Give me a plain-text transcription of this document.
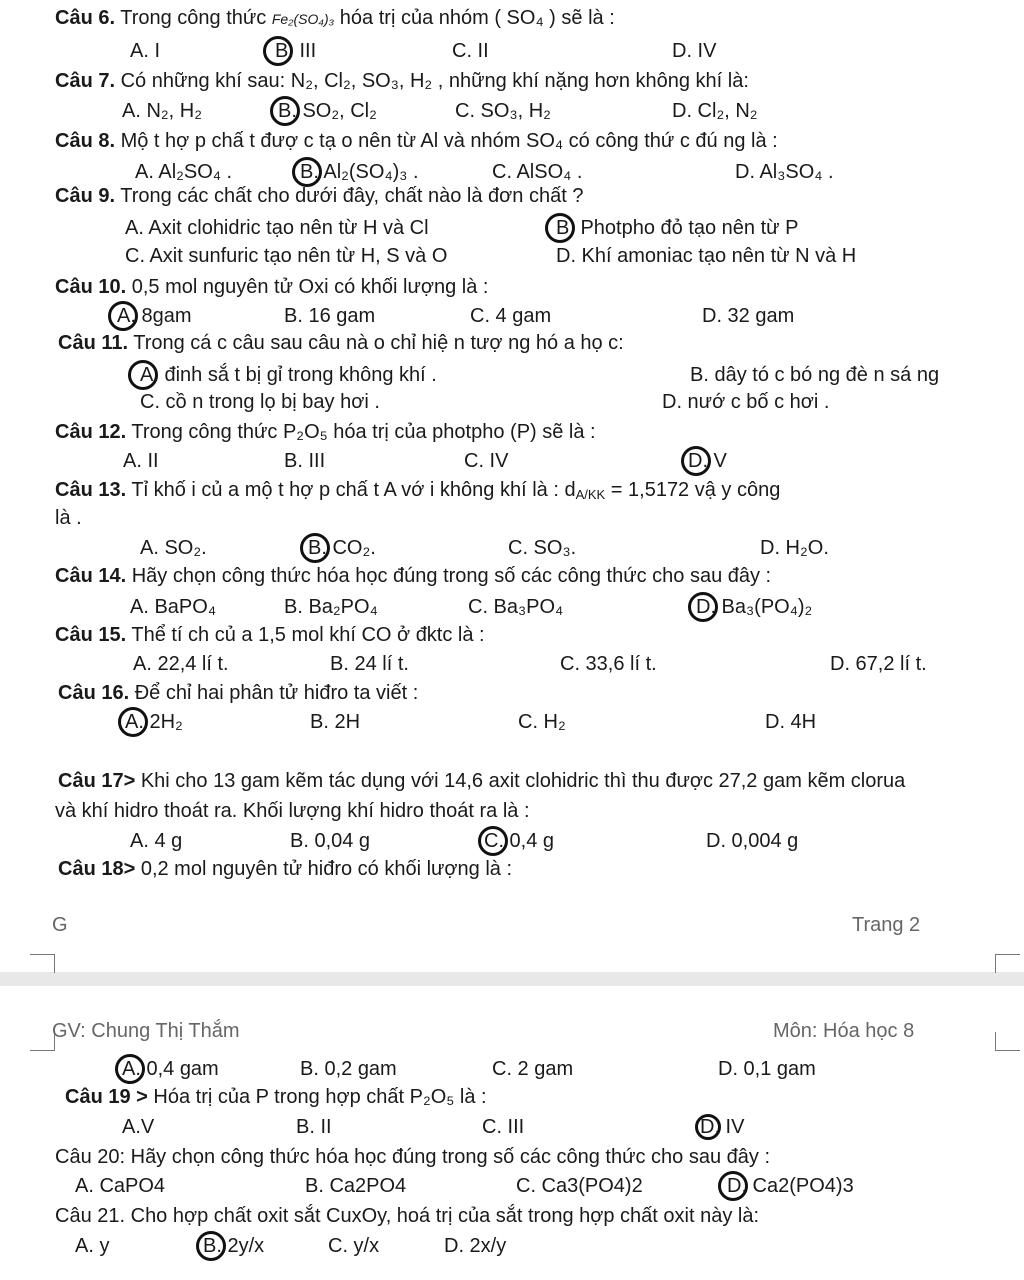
Câu 6. Trong công thức Fe₂(SO₄)₃ hóa trị của nhóm ( SO₄ ) sẽ là :
A. I	B. III	C. II	D. IV
Câu 7. Có những khí sau: N₂, Cl₂, SO₃, H₂ , những khí nặng hơn không khí là:
A. N₂, H₂	B. SO₂, Cl₂	C. SO₃, H₂	D. Cl₂, N₂
Câu 8. Mộ t hợ p chấ t đượ c tạ o nên từ Al và nhóm SO₄ có công thứ c đú ng là :
A. Al₂SO₄ .	B. Al₂(SO₄)₃ .	C. AlSO₄ .	D. Al₃SO₄ .
Câu 9. Trong các chất cho dưới đây, chất nào là đơn chất ?
A. Axit clohidric tạo nên từ H và Cl	B. Photpho đỏ tạo nên từ P
C. Axit sunfuric tạo nên từ H, S và O	D. Khí amoniac tạo nên từ N và H
Câu 10. 0,5 mol nguyên tử Oxi có khối lượng là :
A. 8gam	B. 16 gam	C. 4 gam	D. 32 gam
Câu 11. Trong cá c câu sau câu nà o chỉ hiệ n tượ ng hó a họ c:
A. đinh sắ t bị gỉ trong không khí .	B. dây tó c bó ng đè n sá ng
C. cồ n trong lọ bị bay hơi .	D. nướ c bố c hơi .
Câu 12. Trong công thức P₂O₅ hóa trị của photpho (P) sẽ là :
A. II	B. III	C. IV	D. V
Câu 13. Tỉ khố i củ a mộ t hợ p chấ t A vớ i không khí là : $d_{A/KK} = 1,5172$ vậ y công
là .
A. SO₂.	B. CO₂.	C. SO₃.	D. H₂O.
Câu 14. Hãy chọn công thức hóa học đúng trong số các công thức cho sau đây :
A. BaPO₄	B. Ba₂PO₄	C. Ba₃PO₄	D. Ba₃(PO₄)₂
Câu 15. Thể tí ch củ a 1,5 mol khí CO ở đktc là :
A. 22,4 lí t.	B. 24 lí t.	C. 33,6 lí t.	D. 67,2 lí t.
Câu 16. Để chỉ hai phân tử hiđro ta viết :
A. 2H₂	B. 2H	C. H₂	D. 4H
Câu 17> Khi cho 13 gam kẽm tác dụng với 14,6 axit clohidric thì thu được 27,2 gam kẽm clorua
và khí hidro thoát ra. Khối lượng khí hidro thoát ra là :
A. 4 g	B. 0,04 g	C. 0,4 g	D. 0,004 g
Câu 18> 0,2 mol nguyên tử hiđro có khối lượng là :
G	Trang 2
GV: Chung Thị Thắm	Môn: Hóa học 8
A. 0,4 gam	B. 0,2 gam	C. 2 gam	D. 0,1 gam
Câu 19 > Hóa trị của P trong hợp chất P₂O₅ là :
A.V	B. II	C. III	D. IV
Câu 20: Hãy chọn công thức hóa học đúng trong số các công thức cho sau đây :
A. CaPO4	B. Ca2PO4	C. Ca3(PO4)2	D. Ca2(PO4)3
Câu 21. Cho hợp chất oxit sắt CuxOy, hoá trị của sắt trong hợp chất oxit này là:
A. y	B. 2y/x	C. y/x	D. 2x/y
